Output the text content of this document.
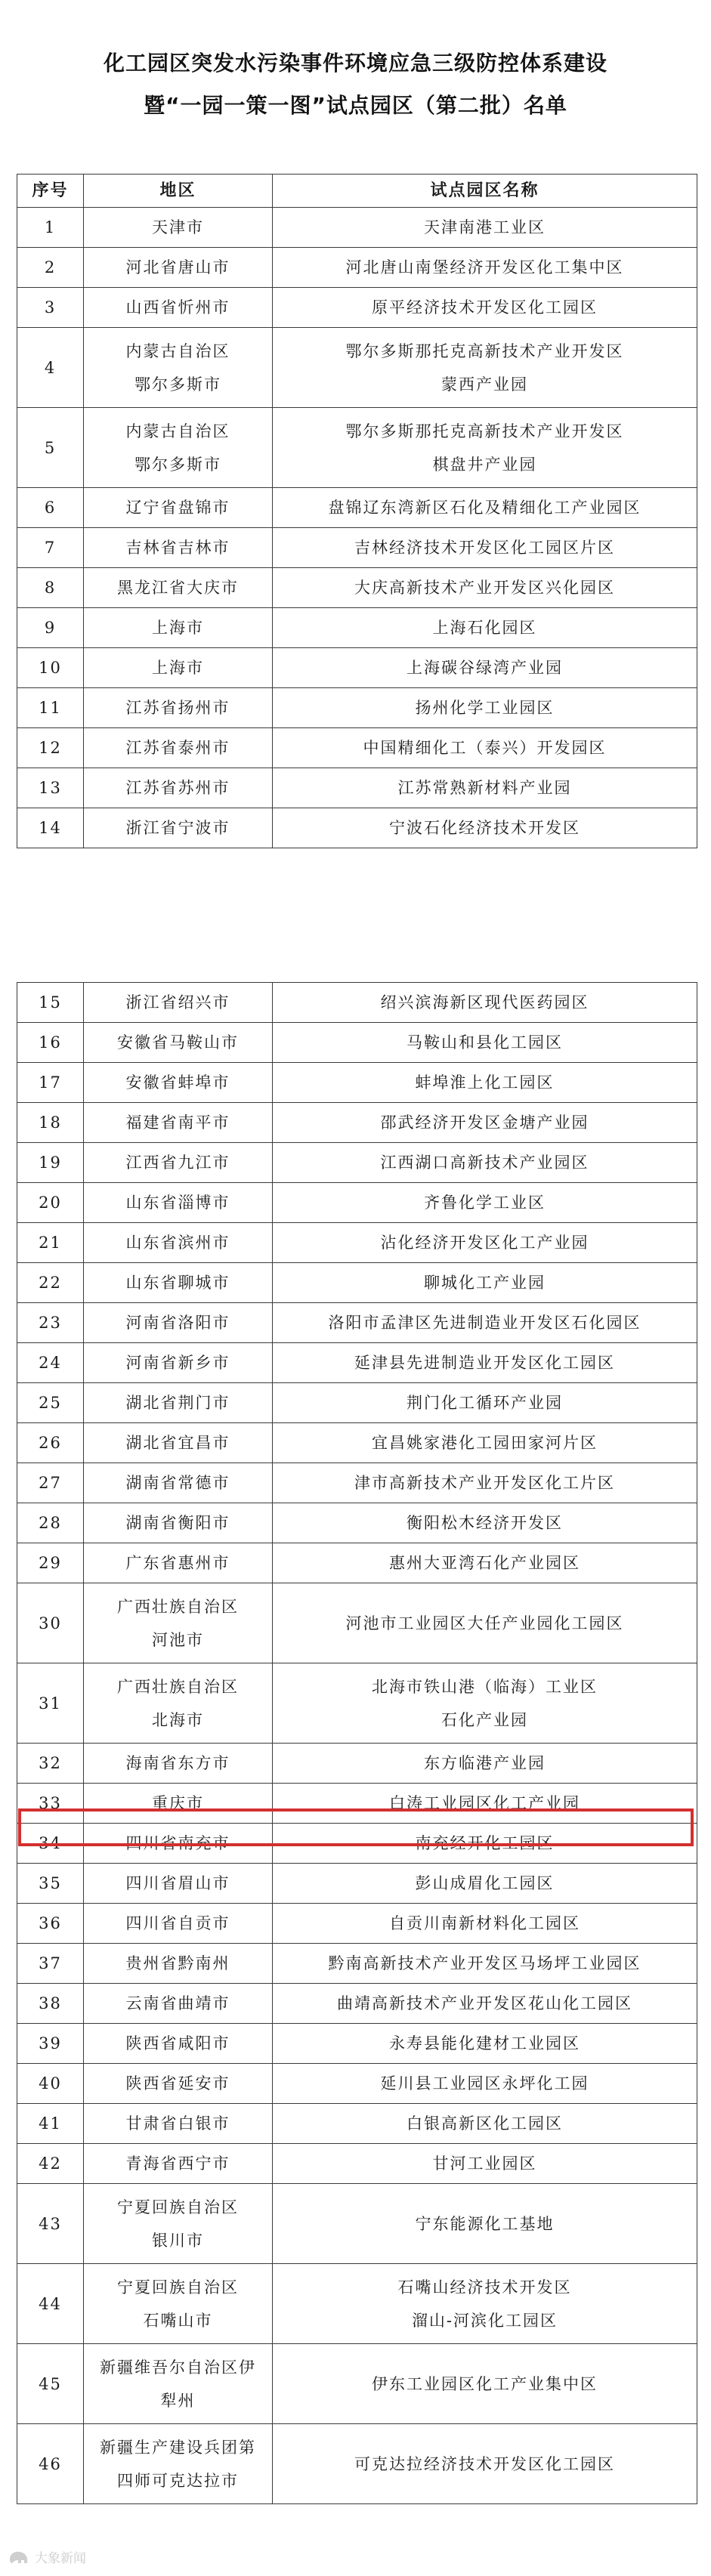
化工园区突发水污染事件环境应急三级防控体系建设
暨“一园一策一图”试点园区（第二批）名单
序号	地区	试点园区名称
1	天津市	天津南港工业区

2	河北省唐山市	河北唐山南堡经济开发区化工集中区

3	山西省忻州市	原平经济技术开发区化工园区

4	内蒙古自治区
鄂尔多斯市	鄂尔多斯那托克高新技术产业开发区
蒙西产业园

5	内蒙古自治区
鄂尔多斯市	鄂尔多斯那托克高新技术产业开发区
棋盘井产业园

6	辽宁省盘锦市	盘锦辽东湾新区石化及精细化工产业园区

7	吉林省吉林市	吉林经济技术开发区化工园区片区

8	黑龙江省大庆市	大庆高新技术产业开发区兴化园区

9	上海市	上海石化园区

10	上海市	上海碳谷绿湾产业园

11	江苏省扬州市	扬州化学工业园区

12	江苏省泰州市	中国精细化工（泰兴）开发园区

13	江苏省苏州市	江苏常熟新材料产业园

14	浙江省宁波市	宁波石化经济技术开发区
15	浙江省绍兴市	绍兴滨海新区现代医药园区

16	安徽省马鞍山市	马鞍山和县化工园区

17	安徽省蚌埠市	蚌埠淮上化工园区

18	福建省南平市	邵武经济开发区金塘产业园

19	江西省九江市	江西湖口高新技术产业园区

20	山东省淄博市	齐鲁化学工业区

21	山东省滨州市	沾化经济开发区化工产业园

22	山东省聊城市	聊城化工产业园

23	河南省洛阳市	洛阳市孟津区先进制造业开发区石化园区

24	河南省新乡市	延津县先进制造业开发区化工园区

25	湖北省荆门市	荆门化工循环产业园

26	湖北省宜昌市	宜昌姚家港化工园田家河片区

27	湖南省常德市	津市高新技术产业开发区化工片区

28	湖南省衡阳市	衡阳松木经济开发区

29	广东省惠州市	惠州大亚湾石化产业园区

30	广西壮族自治区
河池市	河池市工业园区大任产业园化工园区

31	广西壮族自治区
北海市	北海市铁山港（临海）工业区
石化产业园

32	海南省东方市	东方临港产业园

33	重庆市	白涛工业园区化工产业园

34	四川省南充市	南充经开化工园区

35	四川省眉山市	彭山成眉化工园区

36	四川省自贡市	自贡川南新材料化工园区

37	贵州省黔南州	黔南高新技术产业开发区马场坪工业园区

38	云南省曲靖市	曲靖高新技术产业开发区花山化工园区

39	陕西省咸阳市	永寿县能化建材工业园区

40	陕西省延安市	延川县工业园区永坪化工园

41	甘肃省白银市	白银高新区化工园区

42	青海省西宁市	甘河工业园区

43	宁夏回族自治区
银川市	宁东能源化工基地

44	宁夏回族自治区
石嘴山市	石嘴山经济技术开发区
溜山-河滨化工园区

45	新疆维吾尔自治区伊
犁州	伊东工业园区化工产业集中区

46	新疆生产建设兵团第
四师可克达拉市	可克达拉经济技术开发区化工园区
大象新闻
